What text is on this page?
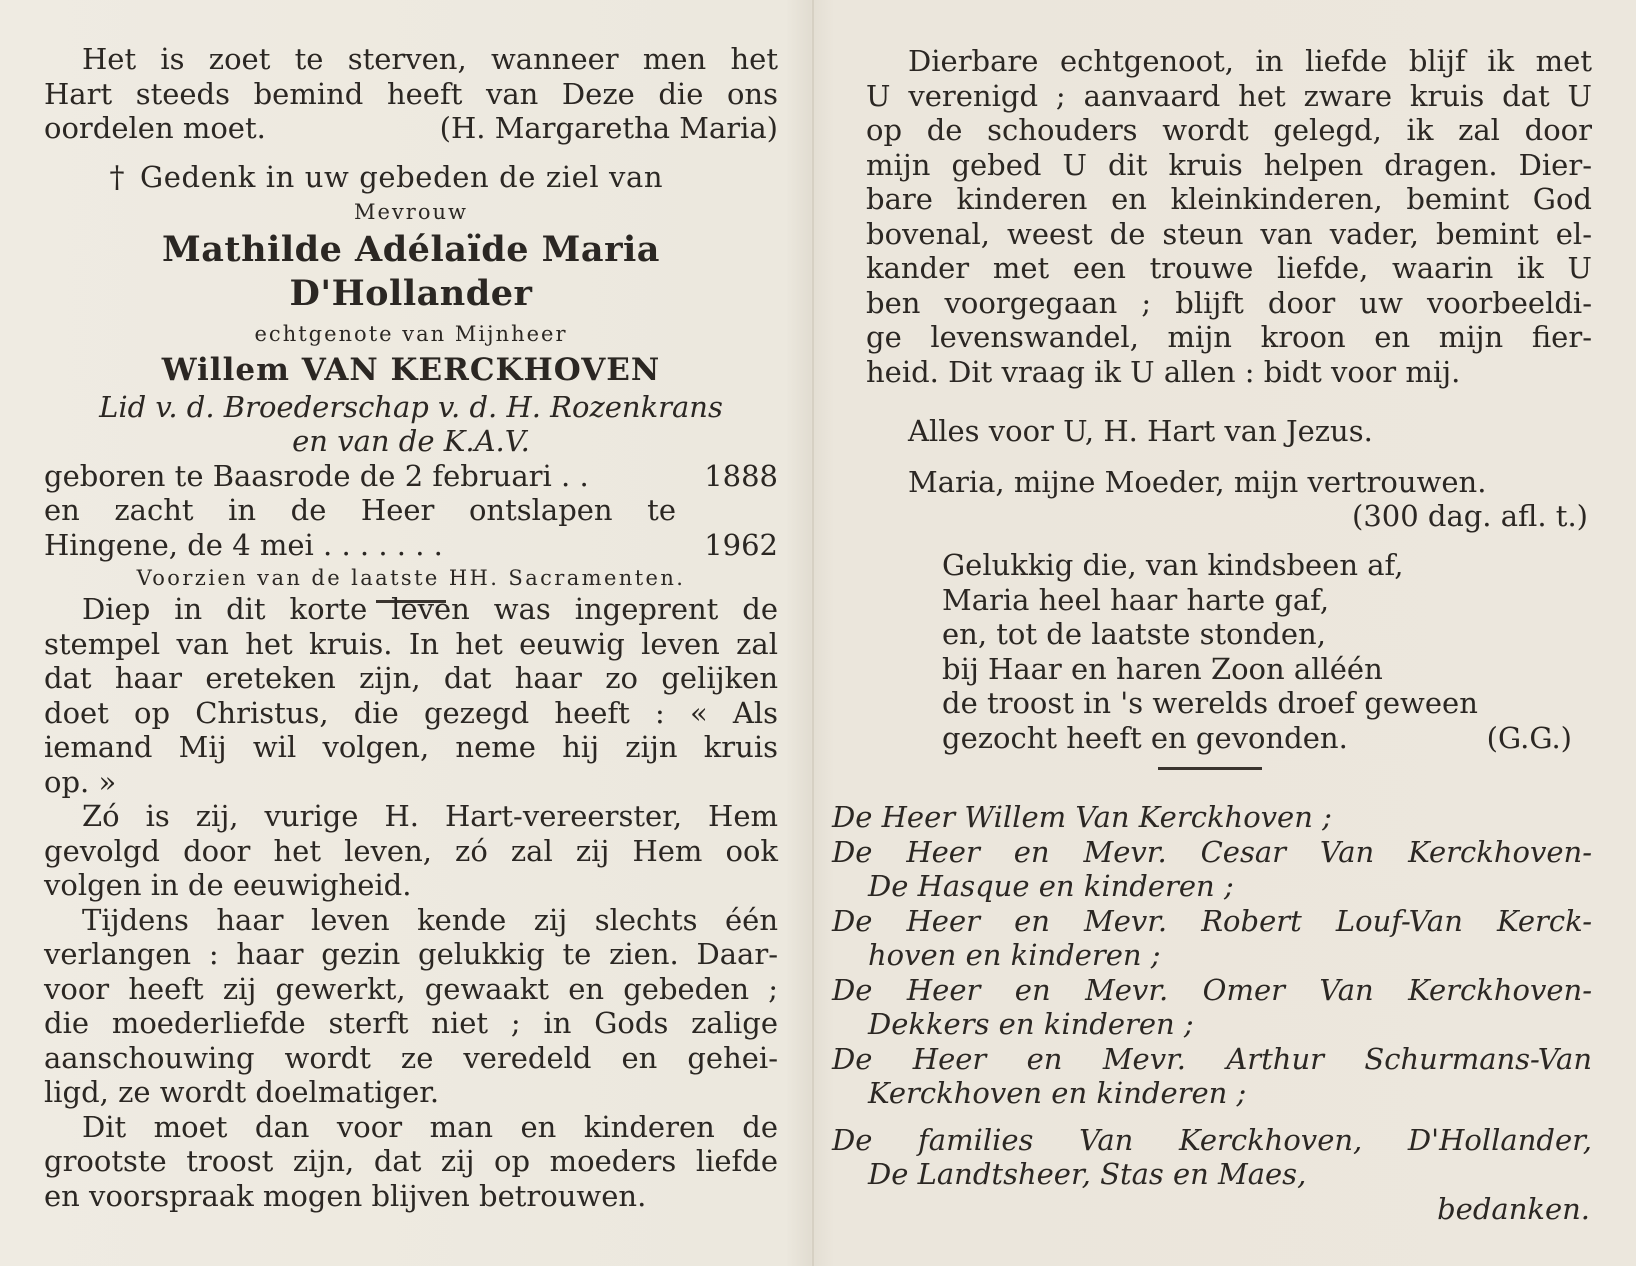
Het is zoet te sterven, wanneer men het
Hart steeds bemind heeft van Deze die ons

oordelen moet.	(H. Margaretha Maria)
† Gedenk in uw gebeden de ziel van
Mevrouw
Mathilde Adélaïde Maria D'Hollander
echtgenote van Mijnheer
Willem VAN KERCKHOVEN
Lid v. d. Broederschap v. d. H. Rozenkrans
en van de K.A.V.
geboren te Baasrode de 2 februari . .	1888
en zacht in de Heer ontslapen te
Hingene, de 4 mei . . . . . . .	1962
Voorzien van de laatste HH. Sacramenten.

Diep in dit korte leven was ingeprent de
stempel van het kruis. In het eeuwig leven zal
dat haar ereteken zijn, dat haar zo gelijken
doet op Christus, die gezegd heeft : « Als
iemand Mij wil volgen, neme hij zijn kruis
op. »

Zó is zij, vurige H. Hart-vereerster, Hem
gevolgd door het leven, zó zal zij Hem ook
volgen in de eeuwigheid.

Tijdens haar leven kende zij slechts één
verlangen : haar gezin gelukkig te zien. Daar-
voor heeft zij gewerkt, gewaakt en gebeden ;
die moederliefde sterft niet ; in Gods zalige
aanschouwing wordt ze veredeld en gehei-
ligd, ze wordt doelmatiger.

Dit moet dan voor man en kinderen de
grootste troost zijn, dat zij op moeders liefde
en voorspraak mogen blijven betrouwen.

Dierbare echtgenoot, in liefde blijf ik met
U verenigd ; aanvaard het zware kruis dat U
op de schouders wordt gelegd, ik zal door
mijn gebed U dit kruis helpen dragen. Dier-
bare kinderen en kleinkinderen, bemint God
bovenal, weest de steun van vader, bemint el-
kander met een trouwe liefde, waarin ik U
ben voorgegaan ; blijft door uw voorbeeldi-
ge levenswandel, mijn kroon en mijn fier-
heid. Dit vraag ik U allen : bidt voor mij.

Alles voor U, H. Hart van Jezus.
Maria, mijne Moeder, mijn vertrouwen.
(300 dag. afl. t.)
Gelukkig die, van kindsbeen af,
Maria heel haar harte gaf,
en, tot de laatste stonden,
bij Haar en haren Zoon alléén
de troost in 's werelds droef geween
gezocht heeft en gevonden.	(G.G.)
De Heer Willem Van Kerckhoven ;
De Heer en Mevr. Cesar Van Kerckhoven-
De Hasque en kinderen ;
De Heer en Mevr. Robert Louf-Van Kerck-
hoven en kinderen ;
De Heer en Mevr. Omer Van Kerckhoven-
Dekkers en kinderen ;
De Heer en Mevr. Arthur Schurmans-Van
Kerckhoven en kinderen ;
De families Van Kerckhoven, D'Hollander,
De Landtsheer, Stas en Maes,
bedanken.
